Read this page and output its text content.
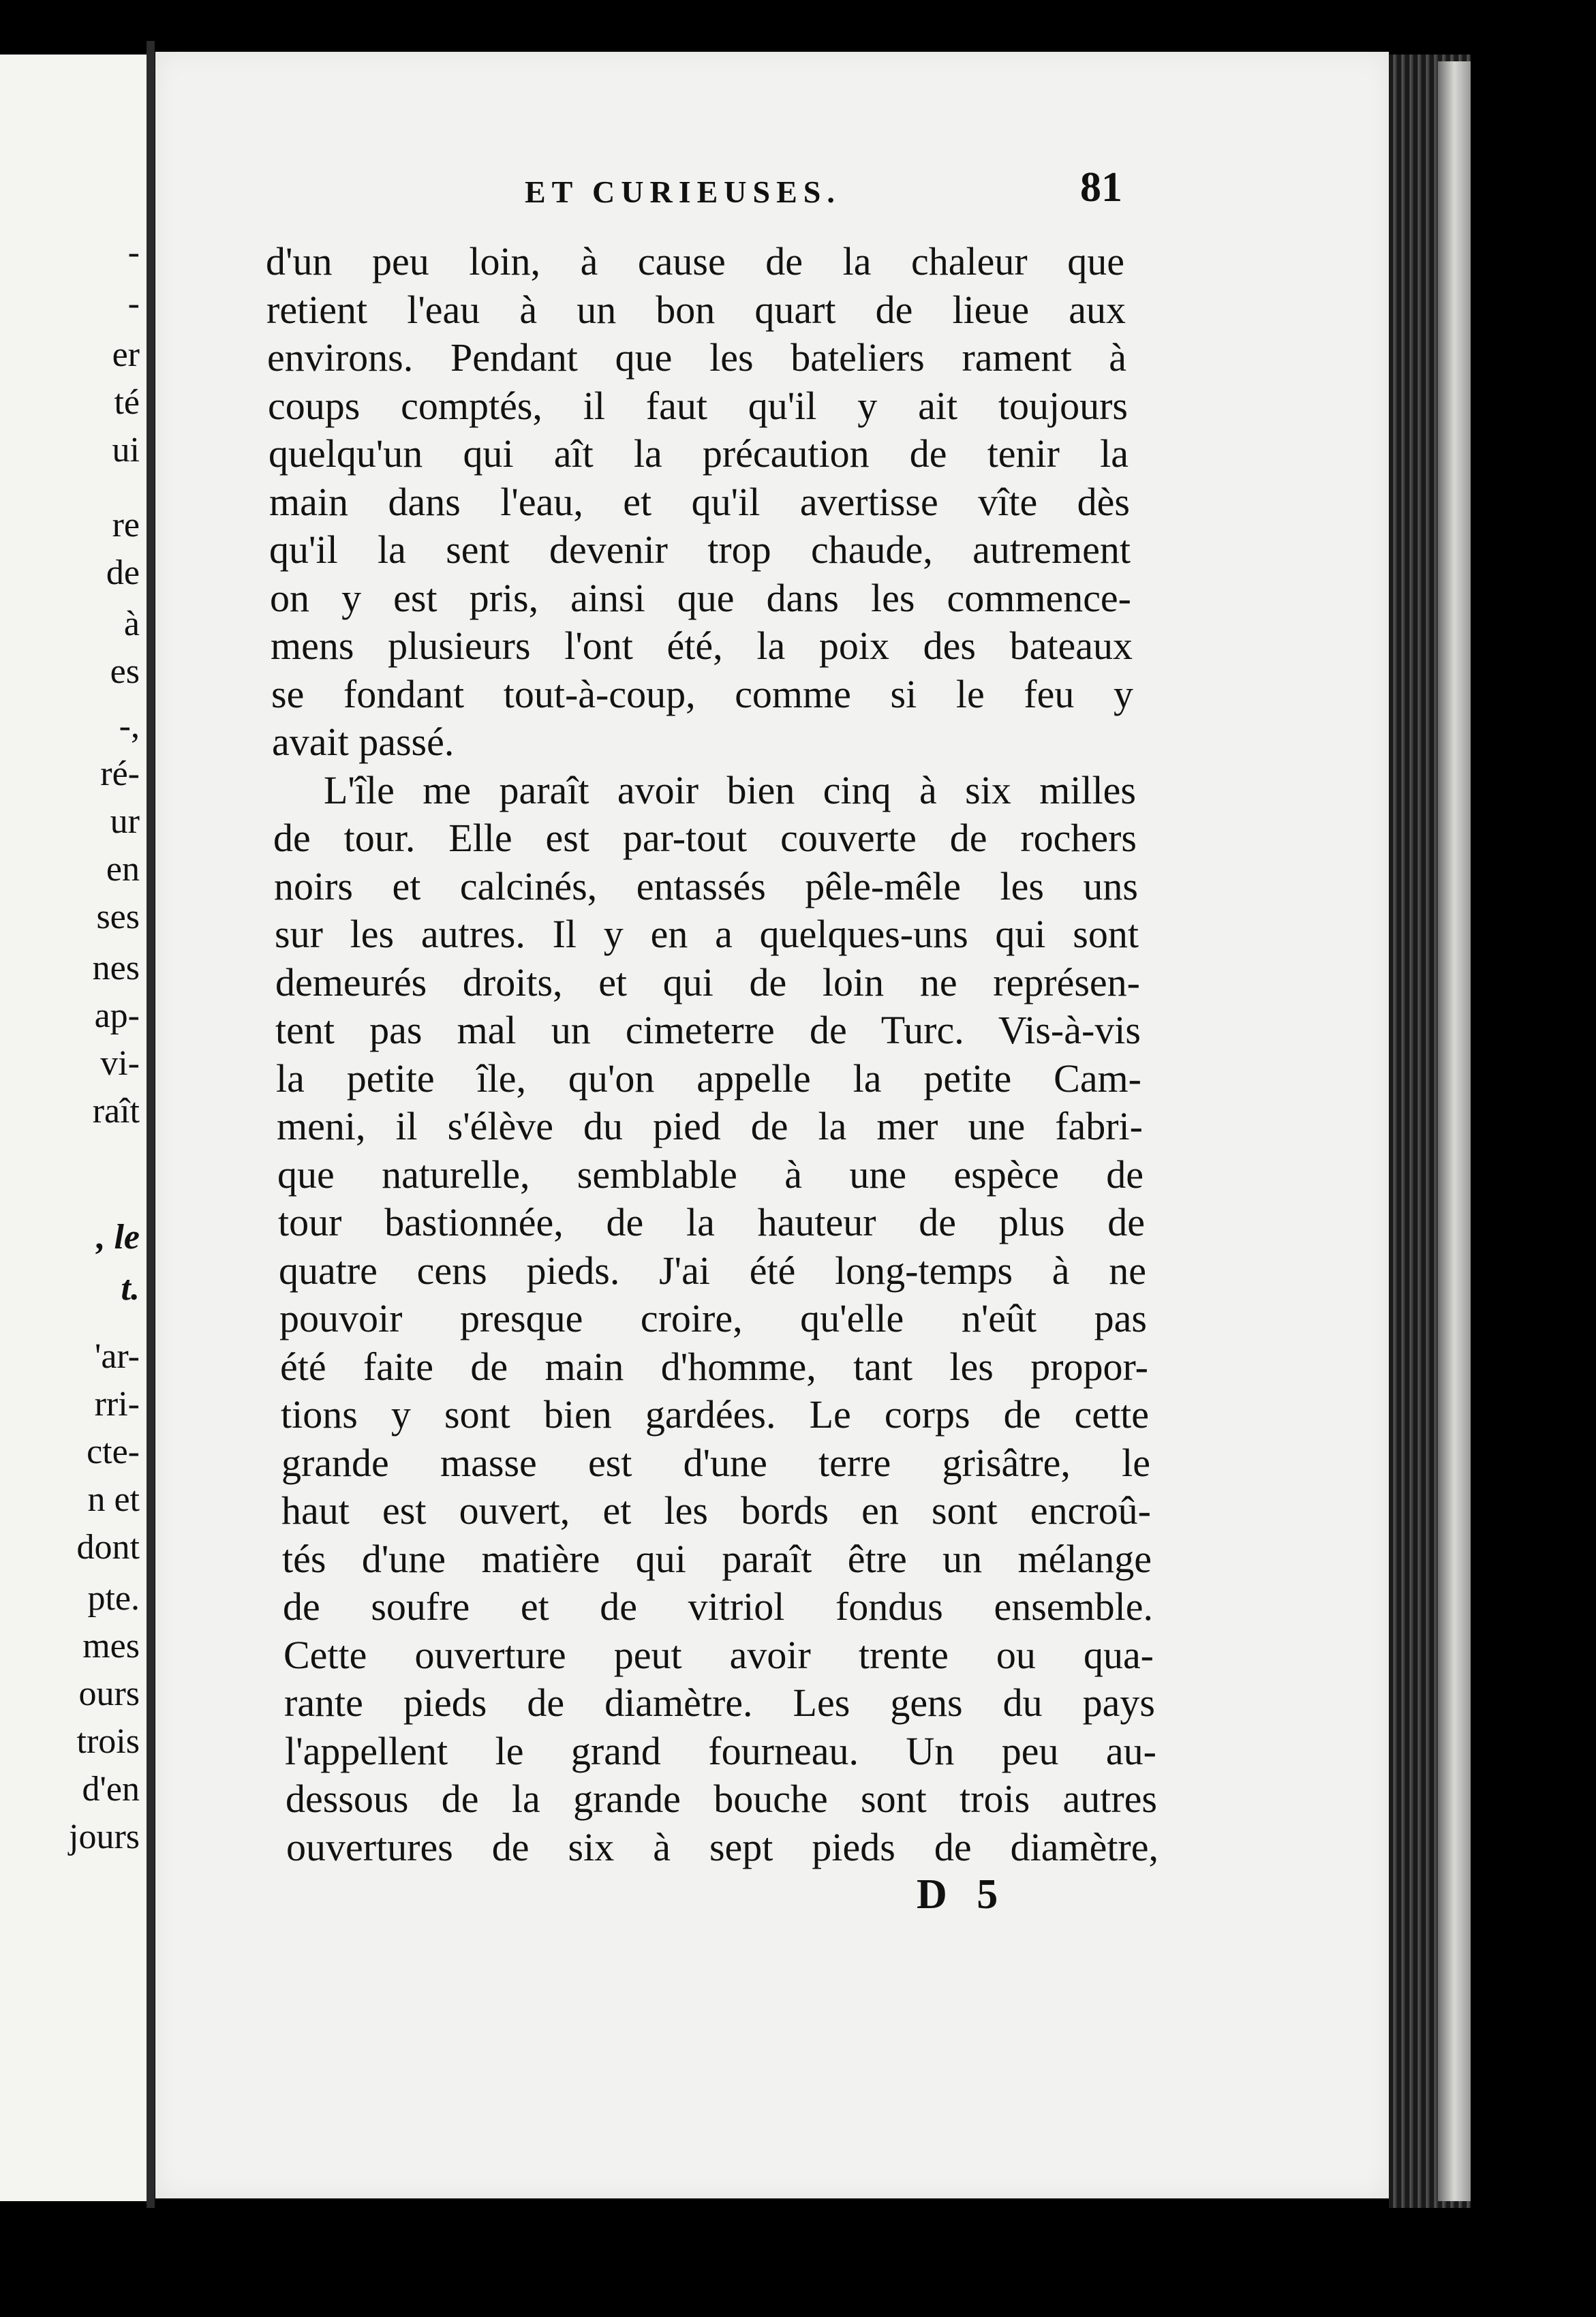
-
-
er
té
ui
re
de
à
es
-,
ré-
ur
en
ses
nes
ap-
vi-
raît
, le
t.
'ar-
rri-
cte-
n et
dont
pte.
mes
ours
trois
d'en
jours
ET CURIEUSES.	81
d'un peu loin, à cause de la chaleur que
retient l'eau à un bon quart de lieue aux
environs. Pendant que les bateliers rament à
coups comptés, il faut qu'il y ait toujours
quelqu'un qui aît la précaution de tenir la
main dans l'eau, et qu'il avertisse vîte dès
qu'il la sent devenir trop chaude, autrement
on y est pris, ainsi que dans les commence-
mens plusieurs l'ont été, la poix des bateaux
se fondant tout-à-coup, comme si le feu y
avait passé.
L'île me paraît avoir bien cinq à six milles
de tour. Elle est par-tout couverte de rochers
noirs et calcinés, entassés pêle-mêle les uns
sur les autres. Il y en a quelques-uns qui sont
demeurés droits, et qui de loin ne représen-
tent pas mal un cimeterre de Turc. Vis-à-vis
la petite île, qu'on appelle la petite Cam-
meni, il s'élève du pied de la mer une fabri-
que naturelle, semblable à une espèce de
tour bastionnée, de la hauteur de plus de
quatre cens pieds. J'ai été long-temps à ne
pouvoir presque croire, qu'elle n'eût pas
été faite de main d'homme, tant les propor-
tions y sont bien gardées. Le corps de cette
grande masse est d'une terre grisâtre, le
haut est ouvert, et les bords en sont encroû-
tés d'une matière qui paraît être un mélange
de soufre et de vitriol fondus ensemble.
Cette ouverture peut avoir trente ou qua-
rante pieds de diamètre. Les gens du pays
l'appellent le grand fourneau. Un peu au-
dessous de la grande bouche sont trois autres
ouvertures de six à sept pieds de diamètre,
D 5
